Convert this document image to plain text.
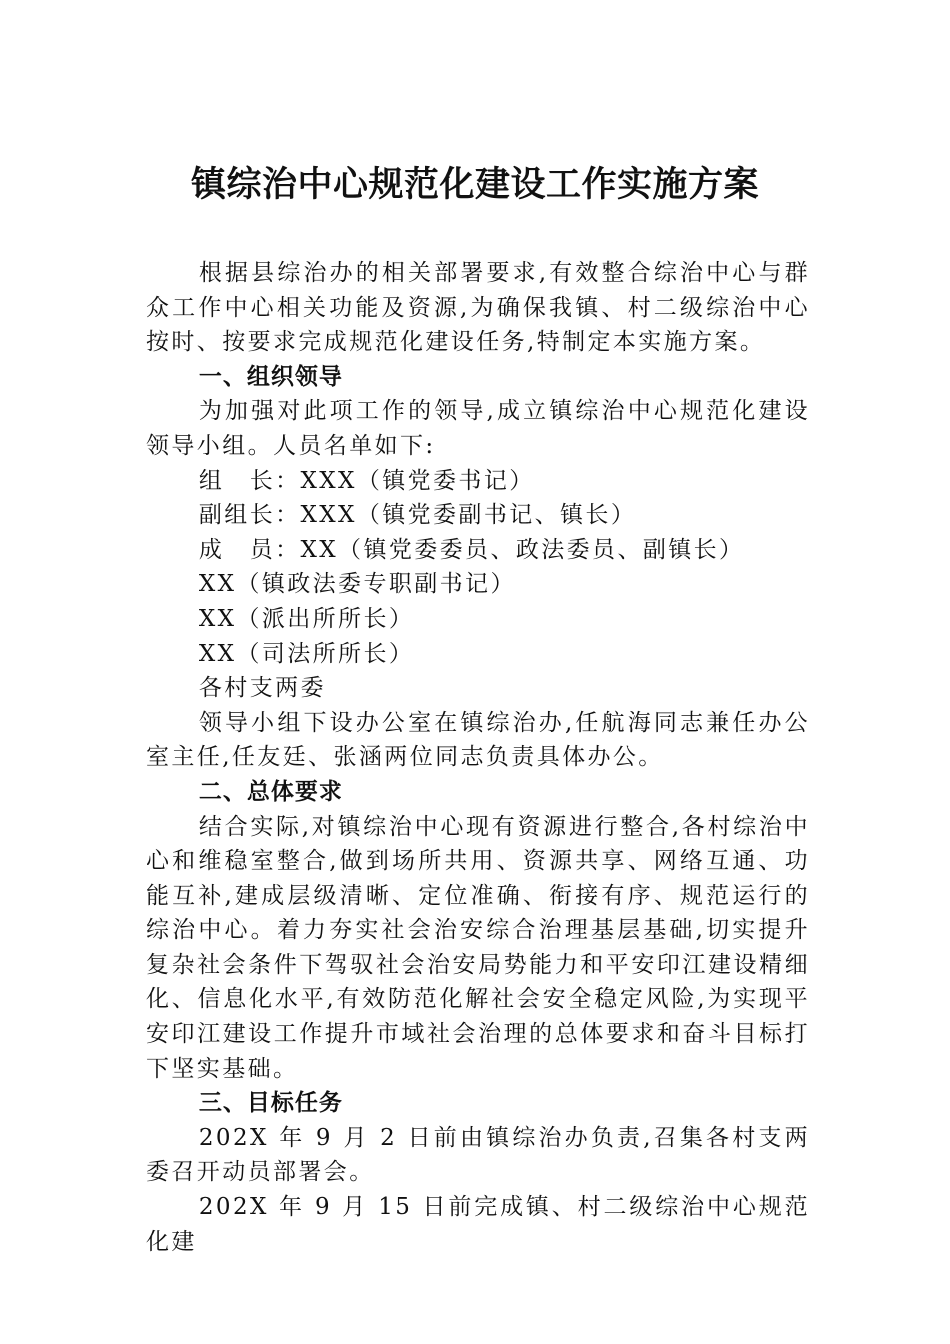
镇综治中心规范化建设工作实施方案

根据县综治办的相关部署要求,有效整合综治中心与群众工作中心相关功能及资源,为确保我镇、村二级综治中心按时、按要求完成规范化建设任务,特制定本实施方案。

一、组织领导

为加强对此项工作的领导,成立镇综治中心规范化建设领导小组。人员名单如下:

组　长：XXX（镇党委书记）

副组长：XXX（镇党委副书记、镇长）

成　员：XX（镇党委委员、政法委员、副镇长）

XX（镇政法委专职副书记）

XX（派出所所长）

XX（司法所所长）

各村支两委

领导小组下设办公室在镇综治办,任航海同志兼任办公室主任,任友廷、张涵两位同志负责具体办公。

二、总体要求

结合实际,对镇综治中心现有资源进行整合,各村综治中心和维稳室整合,做到场所共用、资源共享、网络互通、功能互补,建成层级清晰、定位准确、衔接有序、规范运行的综治中心。着力夯实社会治安综合治理基层基础,切实提升复杂社会条件下驾驭社会治安局势能力和平安印江建设精细化、信息化水平,有效防范化解社会安全稳定风险,为实现平安印江建设工作提升市域社会治理的总体要求和奋斗目标打下坚实基础。

三、目标任务

202X 年 9 月 2 日前由镇综治办负责,召集各村支两委召开动员部署会。

202X 年 9 月 15 日前完成镇、村二级综治中心规范化建
